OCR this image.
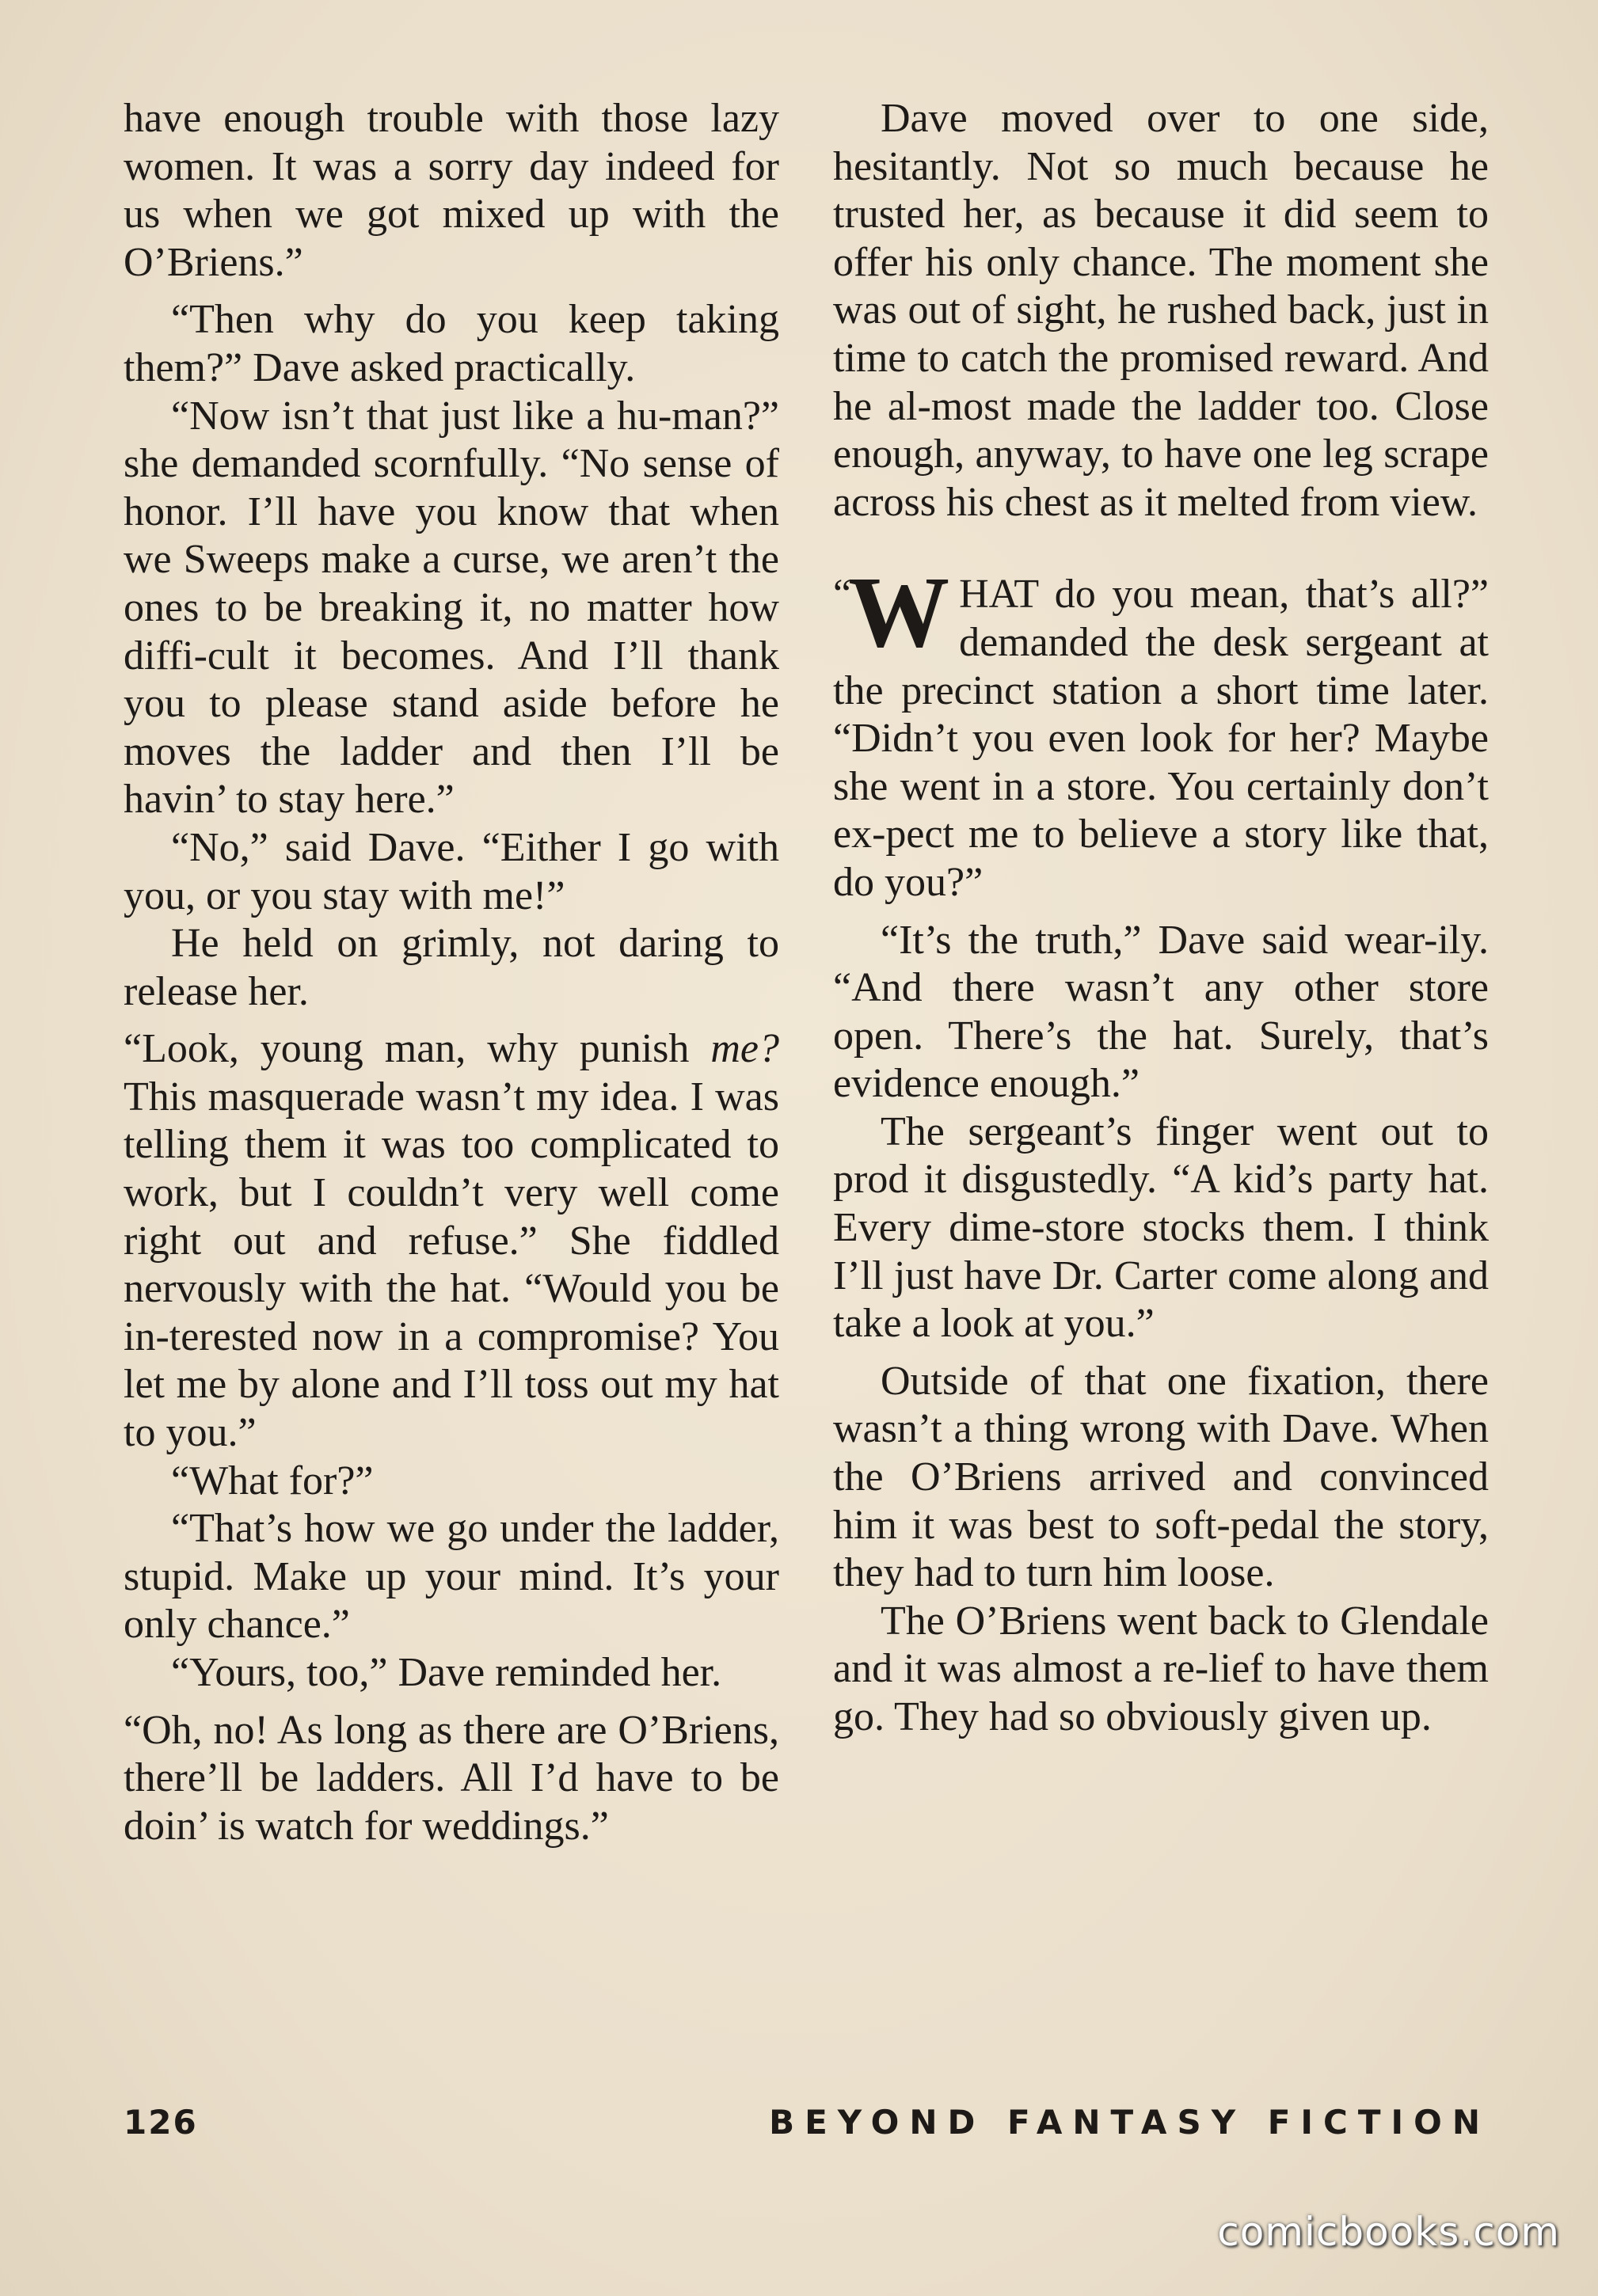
have enough trouble with those lazy women. It was a sorry day indeed for us when we got mixed up with the O’Briens.”

“Then why do you keep taking them?” Dave asked practically.

“Now isn’t that just like a hu-man?” she demanded scornfully. “No sense of honor. I’ll have you know that when we Sweeps make a curse, we aren’t the ones to be breaking it, no matter how diffi-cult it becomes. And I’ll thank you to please stand aside before he moves the ladder and then I’ll be havin’ to stay here.”

“No,” said Dave. “Either I go with you, or you stay with me!”

He held on grimly, not daring to release her.

“Look, young man, why punish me? This masquerade wasn’t my idea. I was telling them it was too complicated to work, but I couldn’t very well come right out and refuse.” She fiddled nervously with the hat. “Would you be in-terested now in a compromise? You let me by alone and I’ll toss out my hat to you.”

“What for?”

“That’s how we go under the ladder, stupid. Make up your mind. It’s your only chance.”

“Yours, too,” Dave reminded her.

“Oh, no! As long as there are O’Briens, there’ll be ladders. All I’d have to be doin’ is watch for weddings.”

Dave moved over to one side, hesitantly. Not so much because he trusted her, as because it did seem to offer his only chance. The moment she was out of sight, he rushed back, just in time to catch the promised reward. And he al-most made the ladder too. Close enough, anyway, to have one leg scrape across his chest as it melted from view.

“
W HAT do you mean, that’s all?” demanded the desk sergeant at the precinct station a short time later. “Didn’t you even look for her? Maybe she went in a store. You certainly don’t ex-pect me to believe a story like that, do you?”

“It’s the truth,” Dave said wear-ily. “And there wasn’t any other store open. There’s the hat. Surely, that’s evidence enough.”

The sergeant’s finger went out to prod it disgustedly. “A kid’s party hat. Every dime-store stocks them. I think I’ll just have Dr. Carter come along and take a look at you.”

Outside of that one fixation, there wasn’t a thing wrong with Dave. When the O’Briens arrived and convinced him it was best to soft-pedal the story, they had to turn him loose.

The O’Briens went back to Glendale and it was almost a re-lief to have them go. They had so obviously given up.

126	BEYOND FANTASY FICTION
comicbooks.com
